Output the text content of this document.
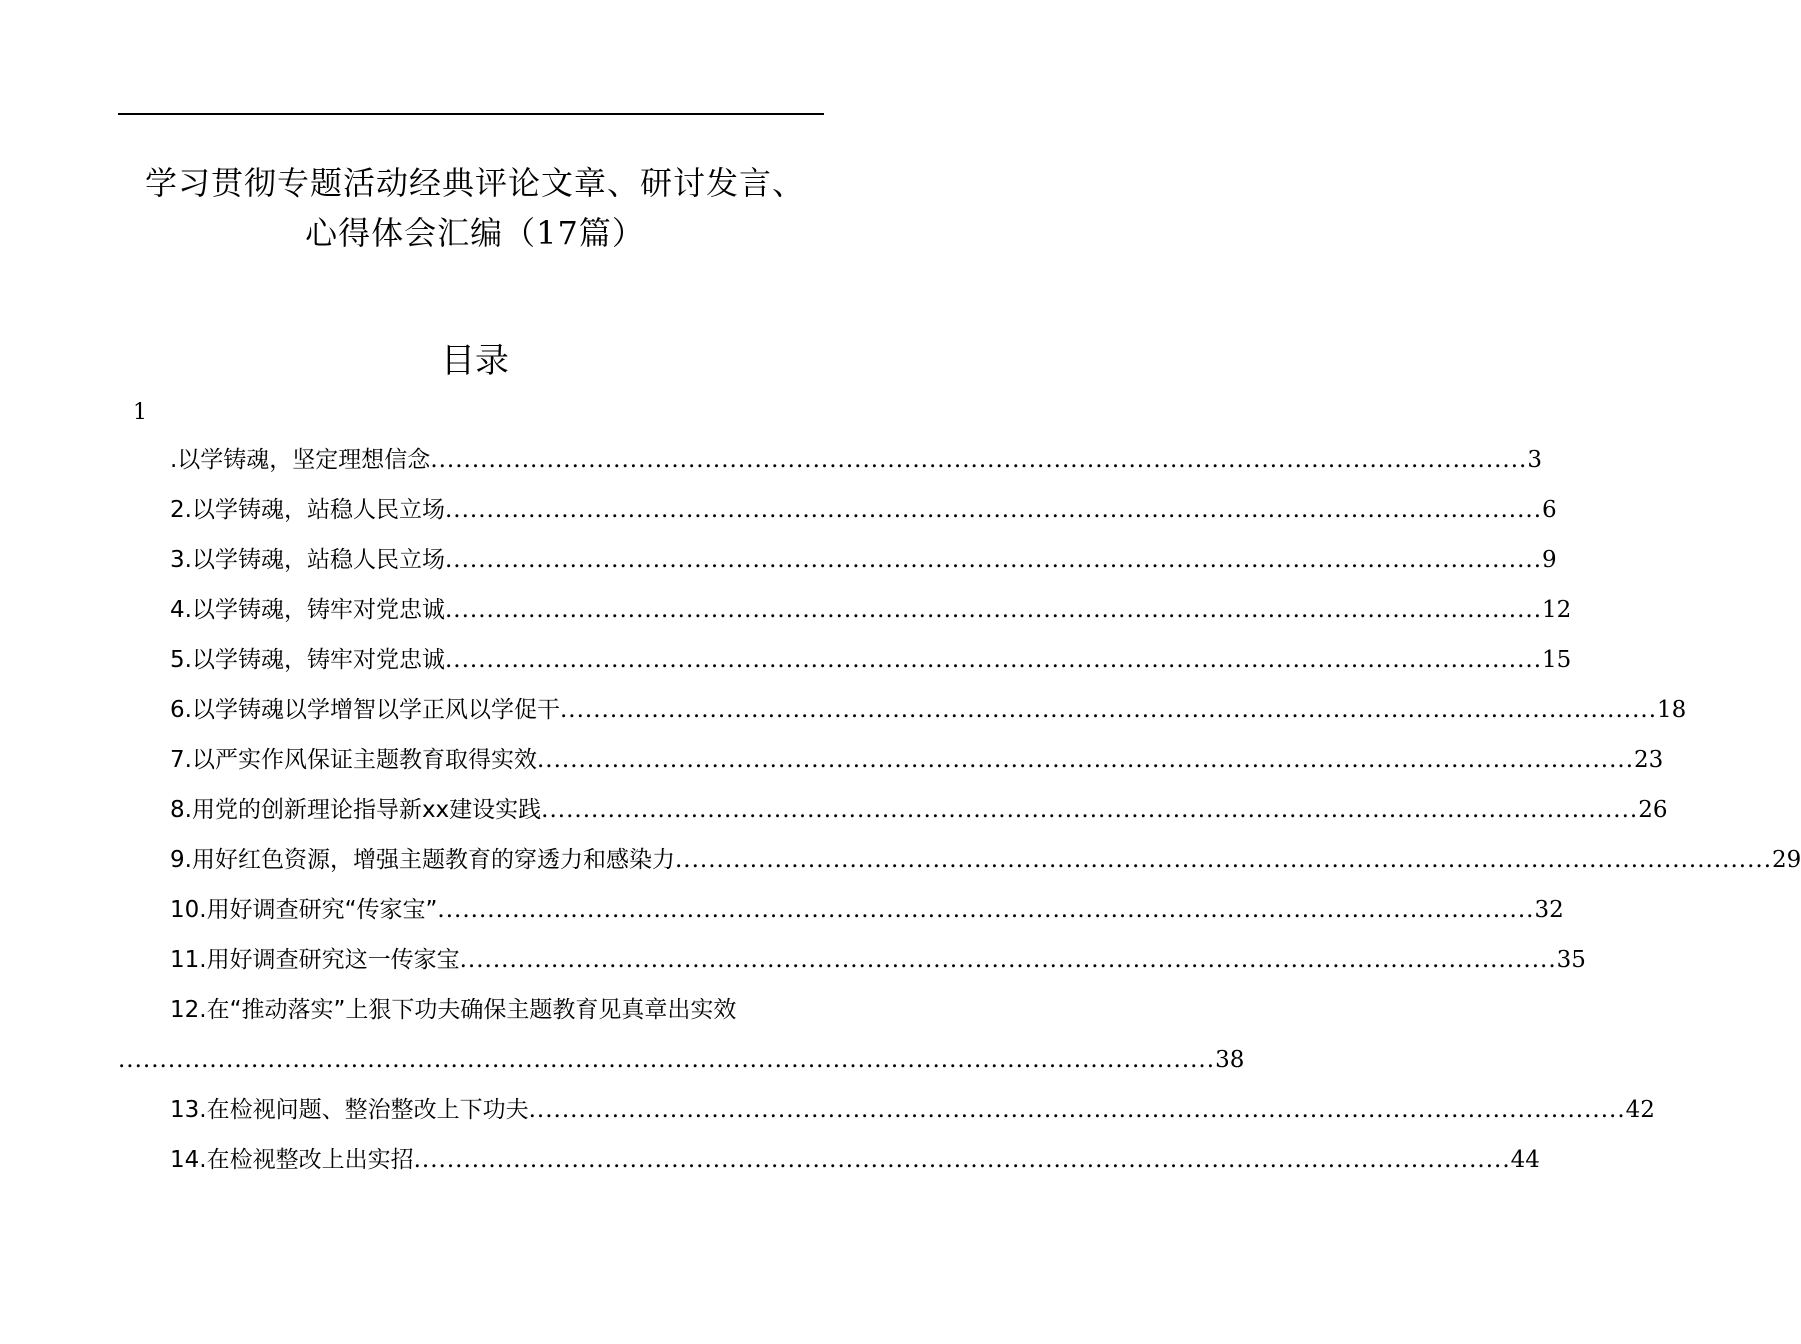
学习贯彻专题活动经典评论文章、研讨发言、
心得体会汇编（17篇）
目录
1
.以学铸魂，坚定理想信念 .................................................................................................................................... 3
2.以学铸魂，站稳人民立场 .................................................................................................................................... 6
3.以学铸魂，站稳人民立场 .................................................................................................................................... 9
4.以学铸魂，铸牢对党忠诚 .................................................................................................................................... 12
5.以学铸魂，铸牢对党忠诚 .................................................................................................................................... 15
6.以学铸魂以学增智以学正风以学促干 .................................................................................................................................... 18
7.以严实作风保证主题教育取得实效 .................................................................................................................................... 23
8.用党的创新理论指导新xx建设实践 .................................................................................................................................... 26
9.用好红色资源，增强主题教育的穿透力和感染力 .................................................................................................................................... 29
10.用好调查研究“传家宝” .................................................................................................................................... 32
11.用好调查研究这一传家宝 .................................................................................................................................... 35
12.在“推动落实”上狠下功夫确保主题教育见真章出实效
.................................................................................................................................... 38
13.在检视问题、整治整改上下功夫 .................................................................................................................................... 42
14.在检视整改上出实招 .................................................................................................................................... 44
